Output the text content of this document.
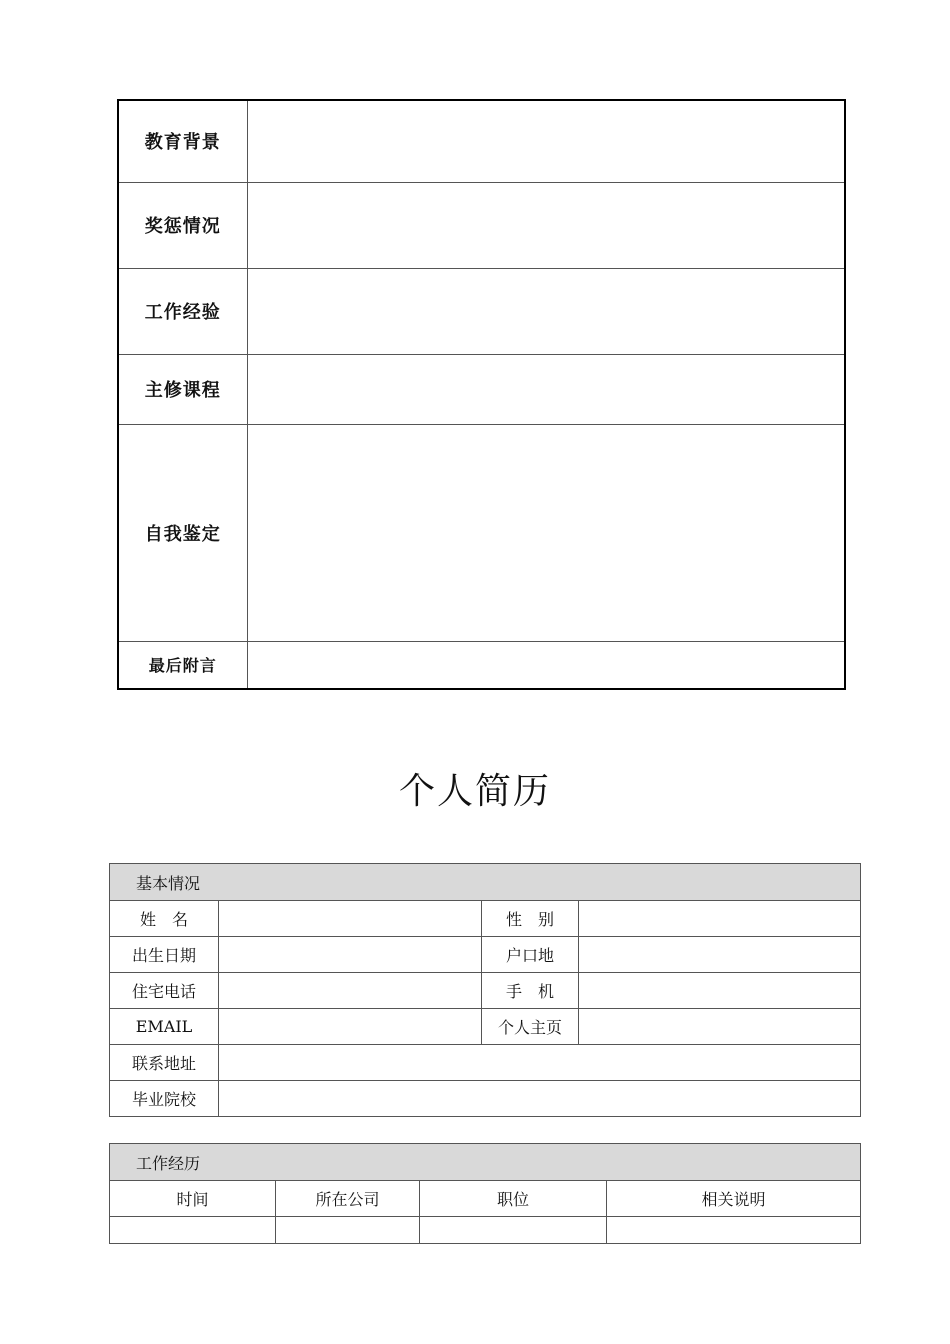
教育背景	
奖惩情况	
工作经验	
主修课程	
自我鉴定	
最后附言	
个人简历
基本情况			
姓　名		性　别	
出生日期		户口地	
住宅电话		手　机	
EMAIL		个人主页	
联系地址			
毕业院校			
工作经历			
时间	所在公司	职位	相关说明
